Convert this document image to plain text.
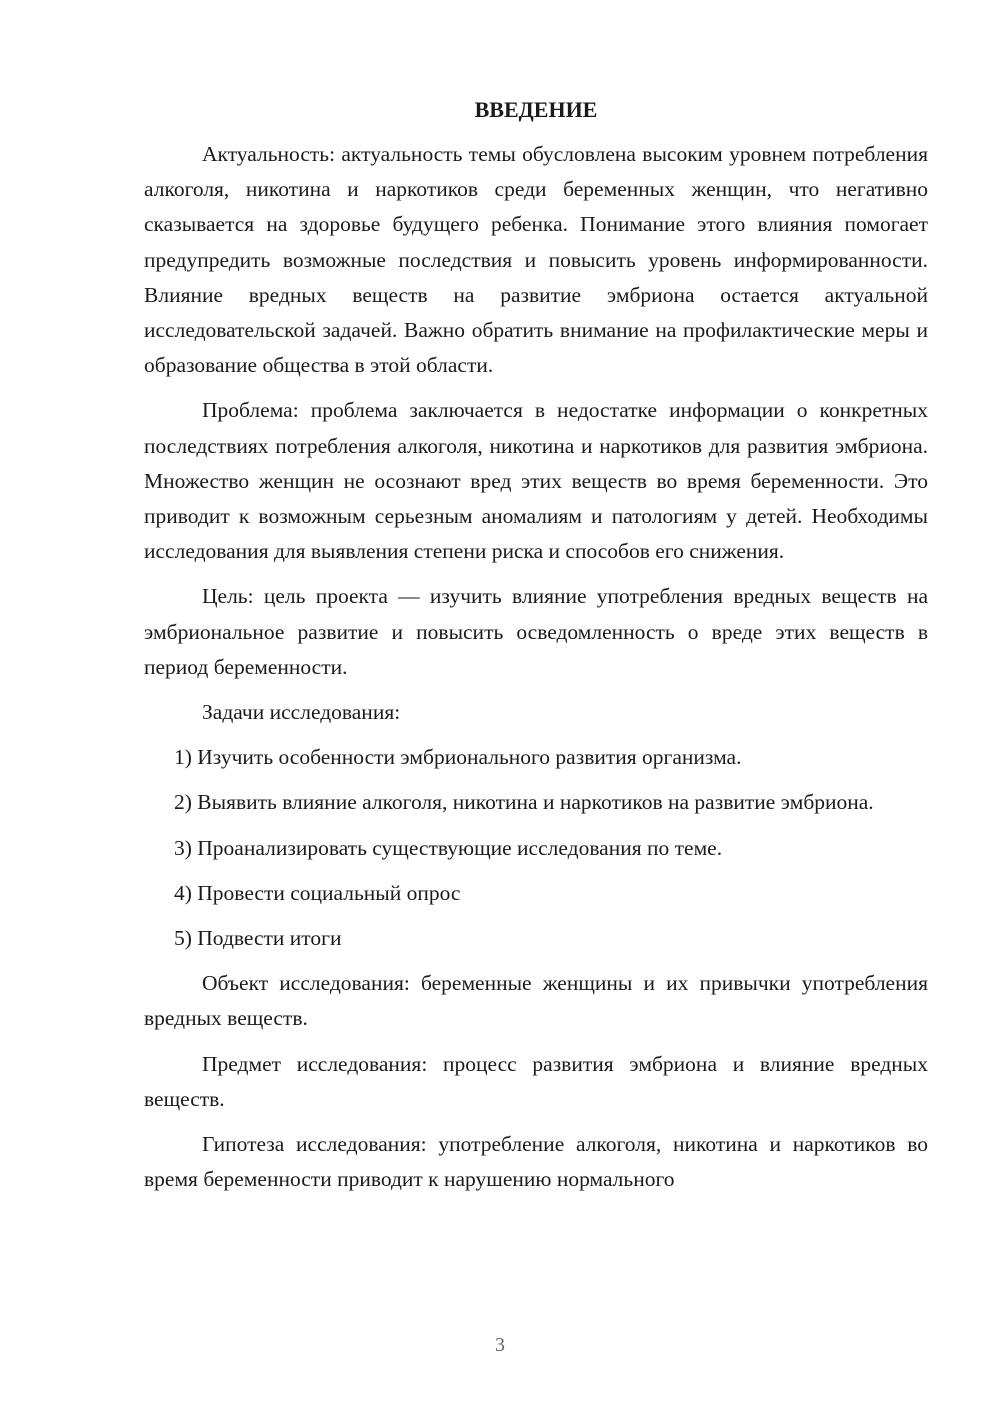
ВВЕДЕНИЕ

Актуальность: актуальность темы обусловлена высоким уровнем потребления алкоголя, никотина и наркотиков среди беременных женщин, что негативно сказывается на здоровье будущего ребенка. Понимание этого влияния помогает предупредить возможные последствия и повысить уровень информированности. Влияние вредных веществ на развитие эмбриона остается актуальной исследовательской задачей. Важно обратить внимание на профилактические меры и образование общества в этой области.

Проблема: проблема заключается в недостатке информации о конкретных последствиях потребления алкоголя, никотина и наркотиков для развития эмбриона. Множество женщин не осознают вред этих веществ во время беременности. Это приводит к возможным серьезным аномалиям и патологиям у детей. Необходимы исследования для выявления степени риска и способов его снижения.

Цель: цель проекта — изучить влияние употребления вредных веществ на эмбриональное развитие и повысить осведомленность о вреде этих веществ в период беременности.

Задачи исследования:

1) Изучить особенности эмбрионального развития организма.

2) Выявить влияние алкоголя, никотина и наркотиков на развитие эмбриона.

3) Проанализировать существующие исследования по теме.

4) Провести социальный опрос

5) Подвести итоги

Объект исследования: беременные женщины и их привычки употребления вредных веществ.

Предмет исследования: процесс развития эмбриона и влияние вредных веществ.

Гипотеза исследования: употребление алкоголя, никотина и наркотиков во время беременности приводит к нарушению нормального

3
